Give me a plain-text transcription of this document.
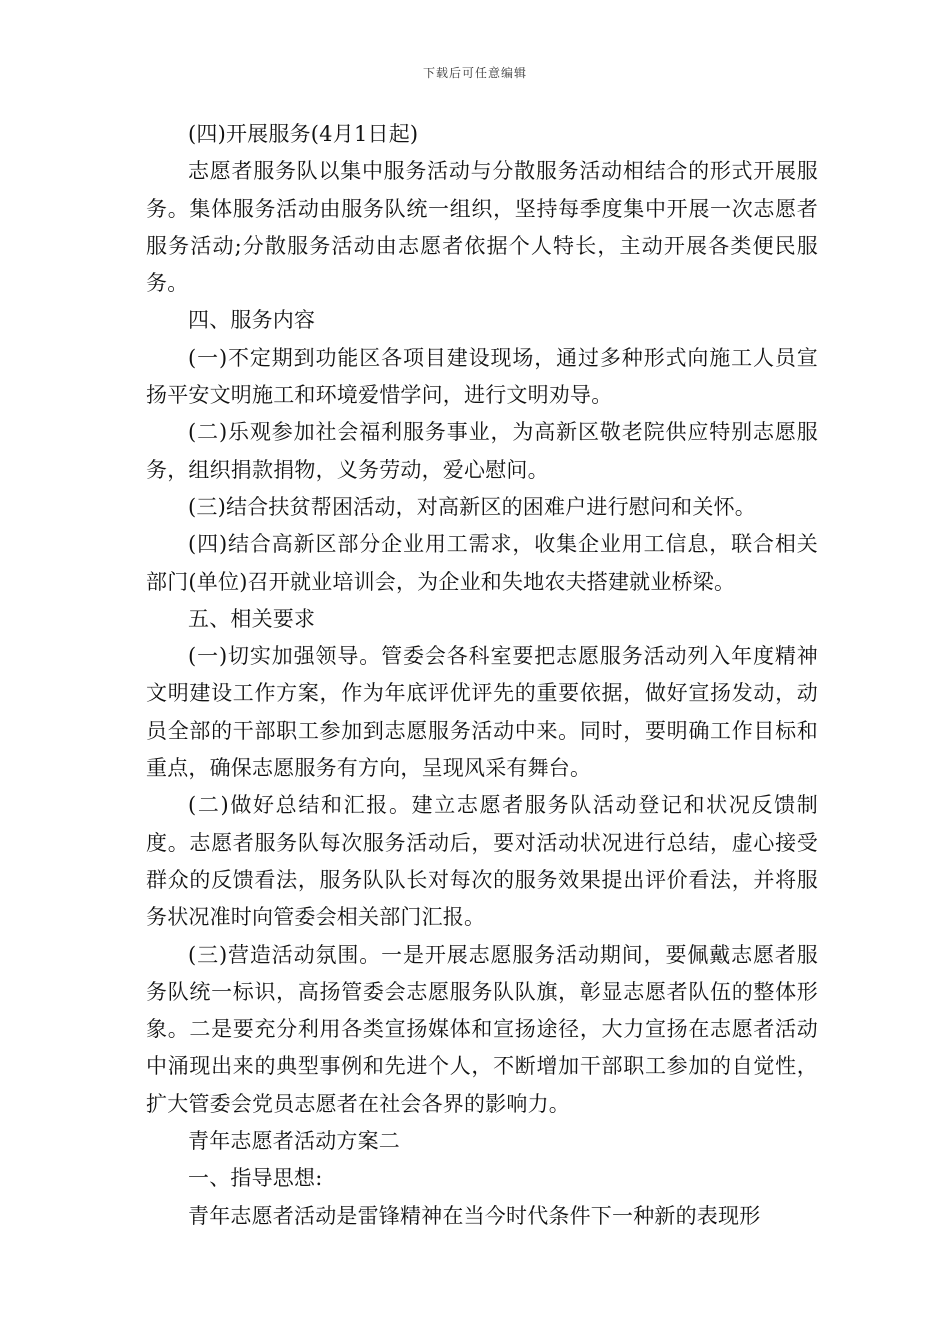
下载后可任意编辑

(四)开展服务(4月1日起)

志愿者服务队以集中服务活动与分散服务活动相结合的形式开展服务。集体服务活动由服务队统一组织，坚持每季度集中开展一次志愿者服务活动;分散服务活动由志愿者依据个人特长，主动开展各类便民服务。

四、服务内容

(一)不定期到功能区各项目建设现场，通过多种形式向施工人员宣扬平安文明施工和环境爱惜学问，进行文明劝导。

(二)乐观参加社会福利服务事业，为高新区敬老院供应特别志愿服务，组织捐款捐物，义务劳动，爱心慰问。

(三)结合扶贫帮困活动，对高新区的困难户进行慰问和关怀。

(四)结合高新区部分企业用工需求，收集企业用工信息，联合相关部门(单位)召开就业培训会，为企业和失地农夫搭建就业桥梁。

五、相关要求

(一)切实加强领导。管委会各科室要把志愿服务活动列入年度精神文明建设工作方案，作为年底评优评先的重要依据，做好宣扬发动，动员全部的干部职工参加到志愿服务活动中来。同时，要明确工作目标和重点，确保志愿服务有方向，呈现风采有舞台。

(二)做好总结和汇报。建立志愿者服务队活动登记和状况反馈制度。志愿者服务队每次服务活动后，要对活动状况进行总结，虚心接受群众的反馈看法，服务队队长对每次的服务效果提出评价看法，并将服务状况准时向管委会相关部门汇报。

(三)营造活动氛围。一是开展志愿服务活动期间，要佩戴志愿者服务队统一标识，高扬管委会志愿服务队队旗，彰显志愿者队伍的整体形象。二是要充分利用各类宣扬媒体和宣扬途径，大力宣扬在志愿者活动中涌现出来的典型事例和先进个人，不断增加干部职工参加的自觉性，扩大管委会党员志愿者在社会各界的影响力。

青年志愿者活动方案二

一、指导思想:

青年志愿者活动是雷锋精神在当今时代条件下一种新的表现形
